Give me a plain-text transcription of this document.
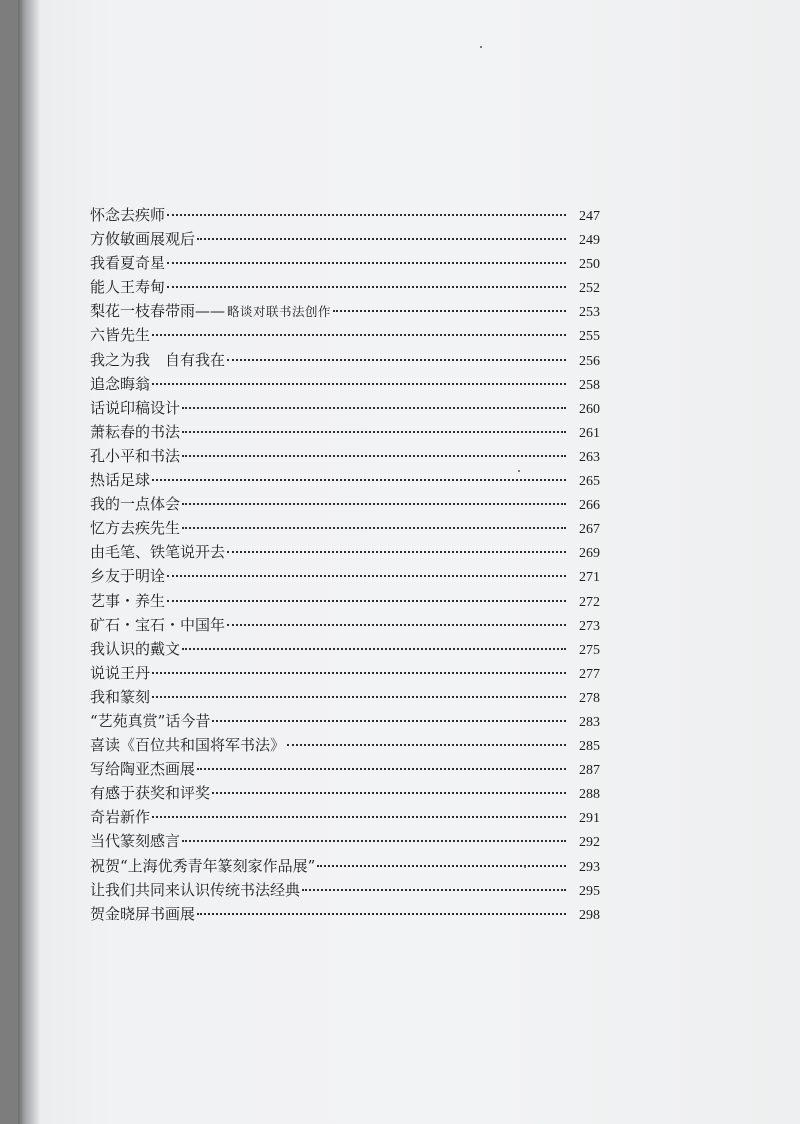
怀念去疾师	247
方攸敏画展观后	249
我看夏奇星	250
能人王寿甸	252
梨花一枝春带雨—— 略谈对联书法创作	253
六皆先生	255
我之为我　自有我在	256
追念晦翁	258
话说印稿设计	260
萧耘春的书法	261
孔小平和书法	263
热话足球	265
我的一点体会	266
忆方去疾先生	267
由毛笔、铁笔说开去	269
乡友于明诠	271
艺事・养生	272
矿石・宝石・中国年	273
我认识的戴文	275
说说王丹	277
我和篆刻	278
“艺苑真赏”话今昔	283
喜读《百位共和国将军书法》	285
写给陶亚杰画展	287
有感于获奖和评奖	288
奇岩新作	291
当代篆刻感言	292
祝贺“上海优秀青年篆刻家作品展”	293
让我们共同来认识传统书法经典	295
贺金晓屏书画展	298
